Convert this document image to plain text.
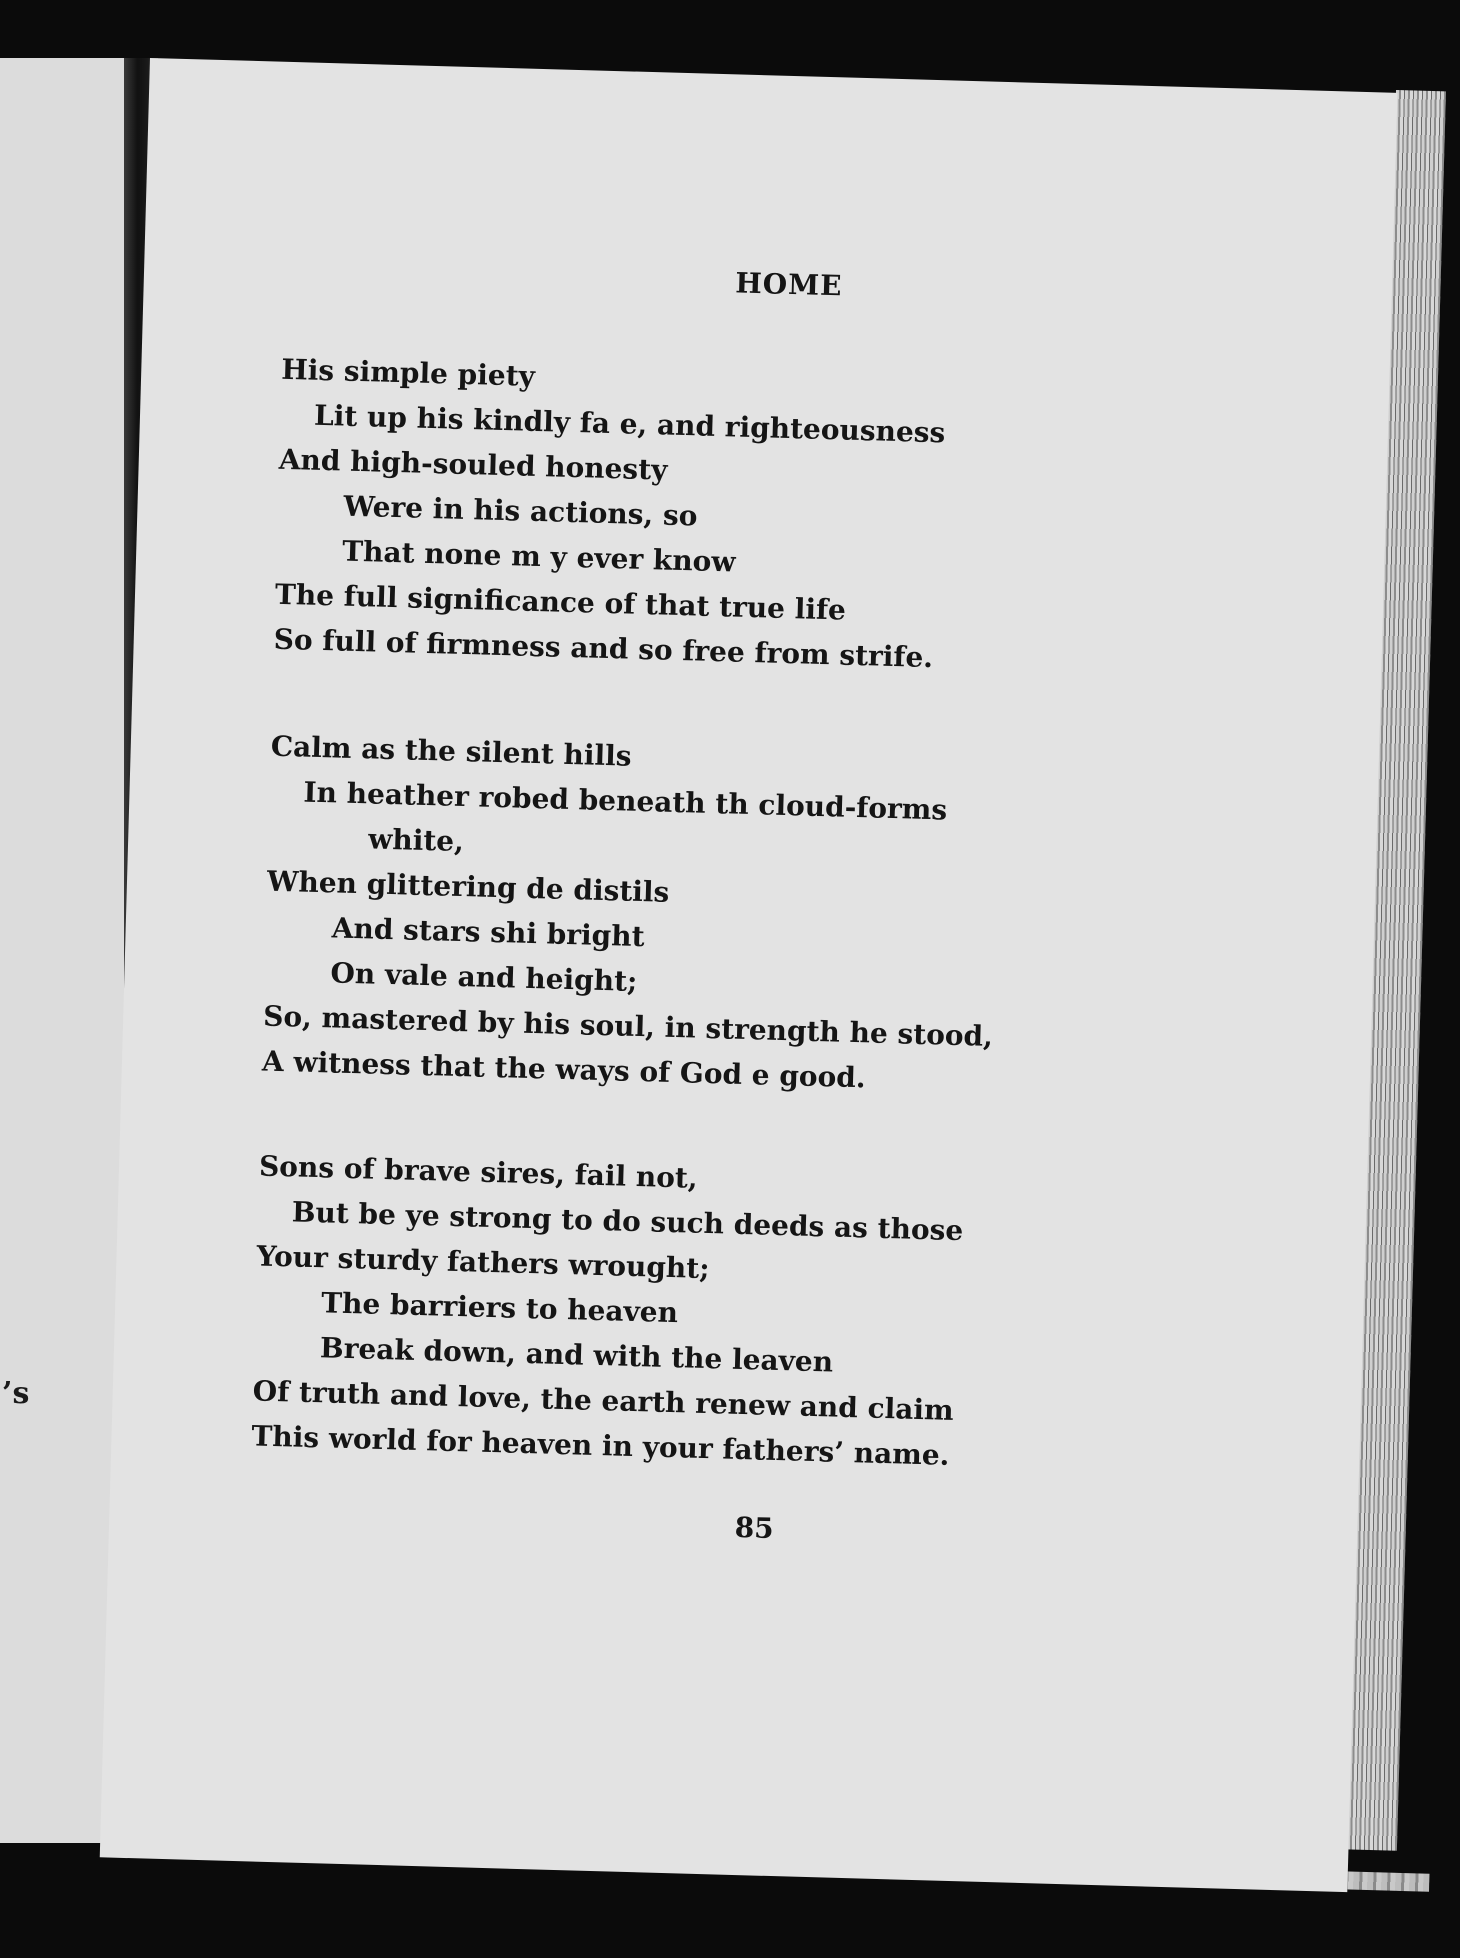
’s
HOME
His simple piety
Lit up his kindly fa e, and righteousness
And high-souled honesty
Were in his actions, so
That none m y ever know
The full significance of that true life
So full of firmness and so free from strife.
Calm as the silent hills
In heather robed beneath th cloud-forms
white,
When glittering de distils
And stars shi bright
On vale and height;
So, mastered by his soul, in strength he stood,
A witness that the ways of God e good.
Sons of brave sires, fail not,
But be ye strong to do such deeds as those
Your sturdy fathers wrought;
The barriers to heaven
Break down, and with the leaven
Of truth and love, the earth renew and claim
This world for heaven in your fathers’ name.
85
